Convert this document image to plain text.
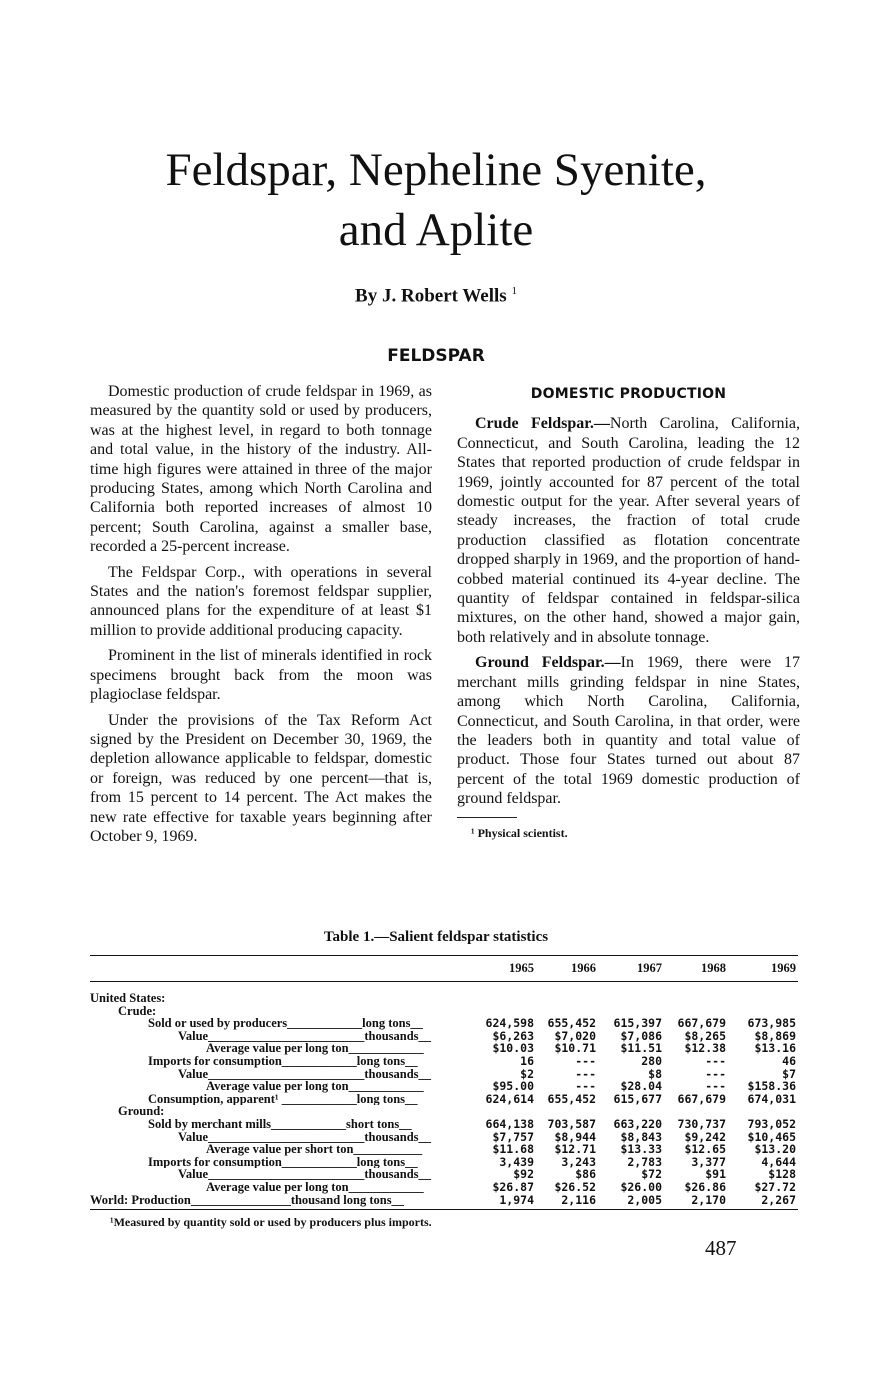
Feldspar, Nepheline Syenite,
and Aplite
By J. Robert Wells $^1$
FELDSPAR

Domestic production of crude feldspar in 1969, as measured by the quantity sold or used by producers, was at the highest level, in regard to both tonnage and total value, in the history of the industry. All-time high figures were attained in three of the major producing States, among which North Carolina and California both reported increases of almost 10 percent; South Carolina, against a smaller base, recorded a 25-percent increase.

The Feldspar Corp., with operations in several States and the nation's foremost feldspar supplier, announced plans for the expenditure of at least $1 million to provide additional producing capacity.

Prominent in the list of minerals identified in rock specimens brought back from the moon was plagioclase feldspar.

Under the provisions of the Tax Reform Act signed by the President on December 30, 1969, the depletion allowance applicable to feldspar, domestic or foreign, was reduced by one percent—that is, from 15 percent to 14 percent. The Act makes the new rate effective for taxable years beginning after October 9, 1969.

DOMESTIC PRODUCTION

Crude Feldspar.—North Carolina, California, Connecticut, and South Carolina, leading the 12 States that reported production of crude feldspar in 1969, jointly accounted for 87 percent of the total domestic output for the year. After several years of steady increases, the fraction of total crude production classified as flotation concentrate dropped sharply in 1969, and the proportion of hand-cobbed material continued its 4-year decline. The quantity of feldspar contained in feldspar-silica mixtures, on the other hand, showed a major gain, both relatively and in absolute tonnage.

Ground Feldspar.—In 1969, there were 17 merchant mills grinding feldspar in nine States, among which North Carolina, California, Connecticut, and South Carolina, in that order, were the leaders both in quantity and total value of product. Those four States turned out about 87 percent of the total 1969 domestic production of ground feldspar.

¹ Physical scientist.
Table 1.—Salient feldspar statistics
	1965	1966	1967	1968	1969
United States:					
Crude:					
Sold or used by producers____________long tons__	624,598	655,452	615,397	667,679	673,985
Value_________________________thousands__	$6,263	$7,020	$7,086	$8,265	$8,869
Average value per long ton____________	$10.03	$10.71	$11.51	$12.38	$13.16
Imports for consumption____________long tons__	16	---	280	---	46
Value_________________________thousands__	$2	---	$8	---	$7
Average value per long ton____________	$95.00	---	$28.04	---	$158.36
Consumption, apparent¹ ____________long tons__	624,614	655,452	615,677	667,679	674,031
Ground:					
Sold by merchant mills____________short tons__	664,138	703,587	663,220	730,737	793,052
Value_________________________thousands__	$7,757	$8,944	$8,843	$9,242	$10,465
Average value per short ton___________	$11.68	$12.71	$13.33	$12.65	$13.20
Imports for consumption____________long tons__	3,439	3,243	2,783	3,377	4,644
Value_________________________thousands__	$92	$86	$72	$91	$128
Average value per long ton____________	$26.87	$26.52	$26.00	$26.86	$27.72
World: Production________________thousand long tons__	1,974	2,116	2,005	2,170	2,267
¹Measured by quantity sold or used by producers plus imports.
487
